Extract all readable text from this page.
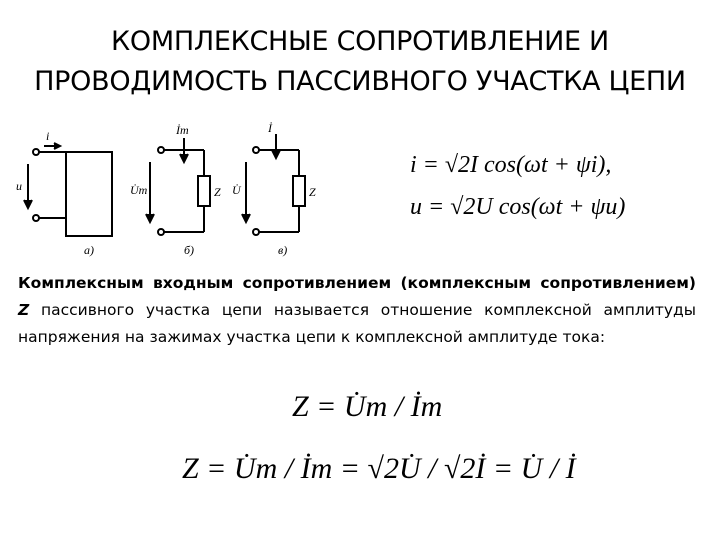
КОМПЛЕКСНЫЕ СОПРОТИВЛЕНИЕ И
ПРОВОДИМОСТЬ ПАССИВНОГО УЧАСТКА ЦЕПИ
i
u
а)
İm
U̇m	Z
б)
İ
U̇	Z
в)
i = √2I cos(ωt + ψi),
u = √2U cos(ωt + ψu)
Комплексным входным сопротивлением (комплексным сопротивлением) Z пассивного участка цепи называется отношение комплексной амплитуды напряжения на зажимах участка цепи к комплексной амплитуде тока:
Z = U̇m / İm
Z = U̇m / İm = √2U̇ / √2İ = U̇ / İ
